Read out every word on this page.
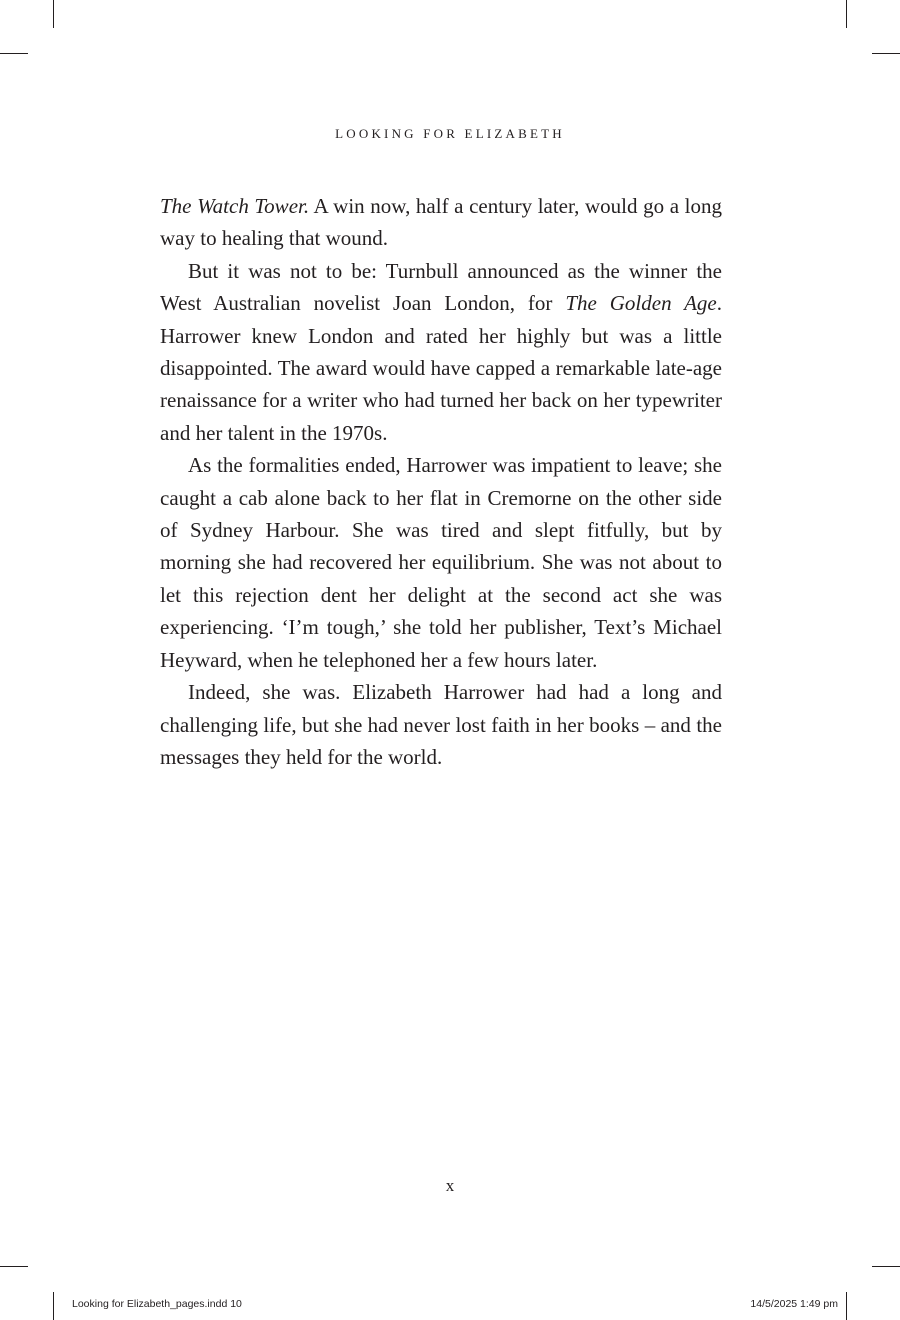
LOOKING FOR ELIZABETH

The Watch Tower. A win now, half a century later, would go a long way to healing that wound.

But it was not to be: Turnbull announced as the winner the West Australian novelist Joan London, for The Golden Age. Harrower knew London and rated her highly but was a little disappointed. The award would have capped a remarkable late-age renaissance for a writer who had turned her back on her typewriter and her talent in the 1970s.

As the formalities ended, Harrower was impatient to leave; she caught a cab alone back to her flat in Cremorne on the other side of Sydney Harbour. She was tired and slept fitfully, but by morning she had recovered her equilibrium. She was not about to let this rejection dent her delight at the second act she was experiencing. ‘I’m tough,’ she told her publisher, Text’s Michael Heyward, when he telephoned her a few hours later.

Indeed, she was. Elizabeth Harrower had had a long and challenging life, but she had never lost faith in her books – and the messages they held for the world.

x
Looking for Elizabeth_pages.indd 10	14/5/2025 1:49 pm
